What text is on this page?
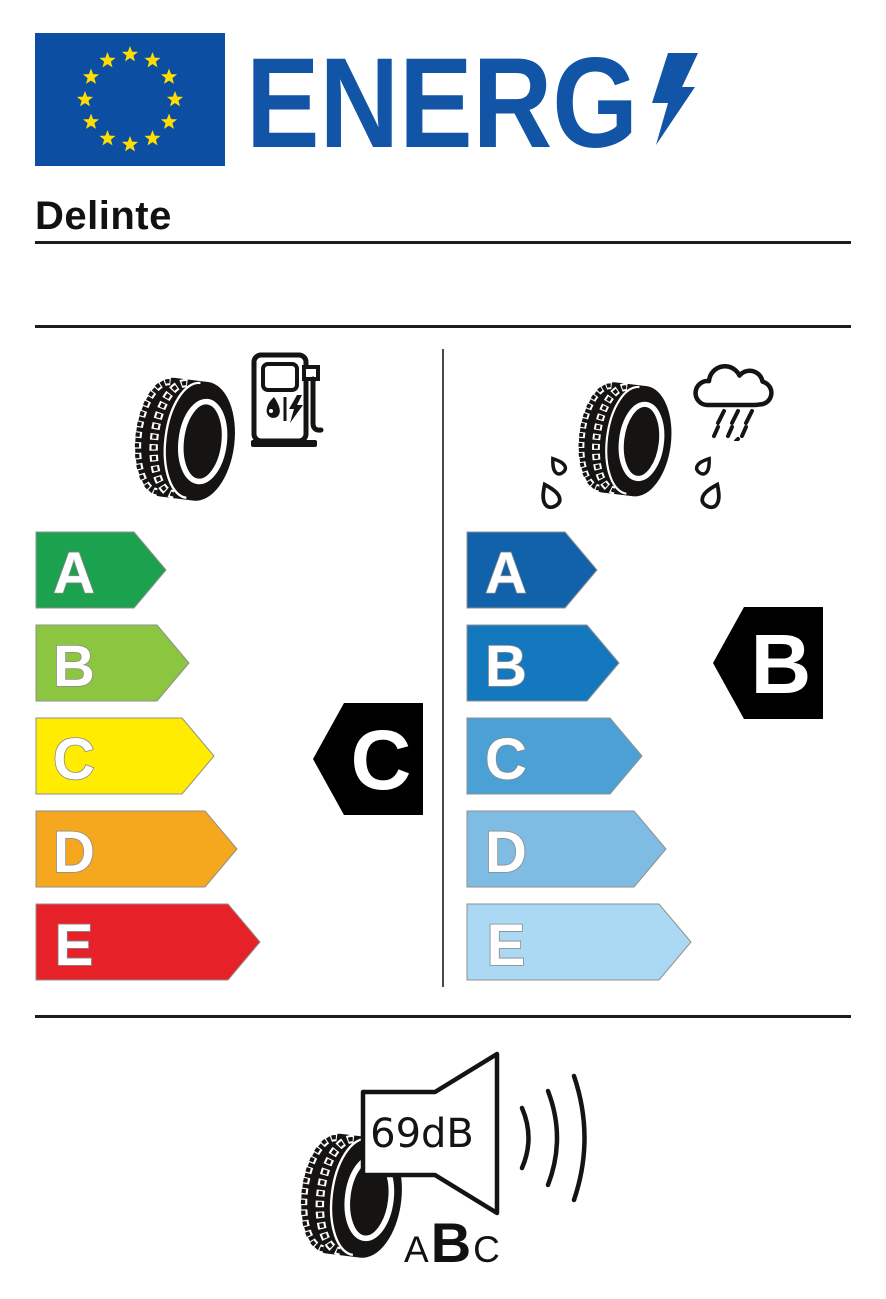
ENERG
Delinte
A
B
C
D
E
C
A
B
C
D
E
B
69dB
A B C
